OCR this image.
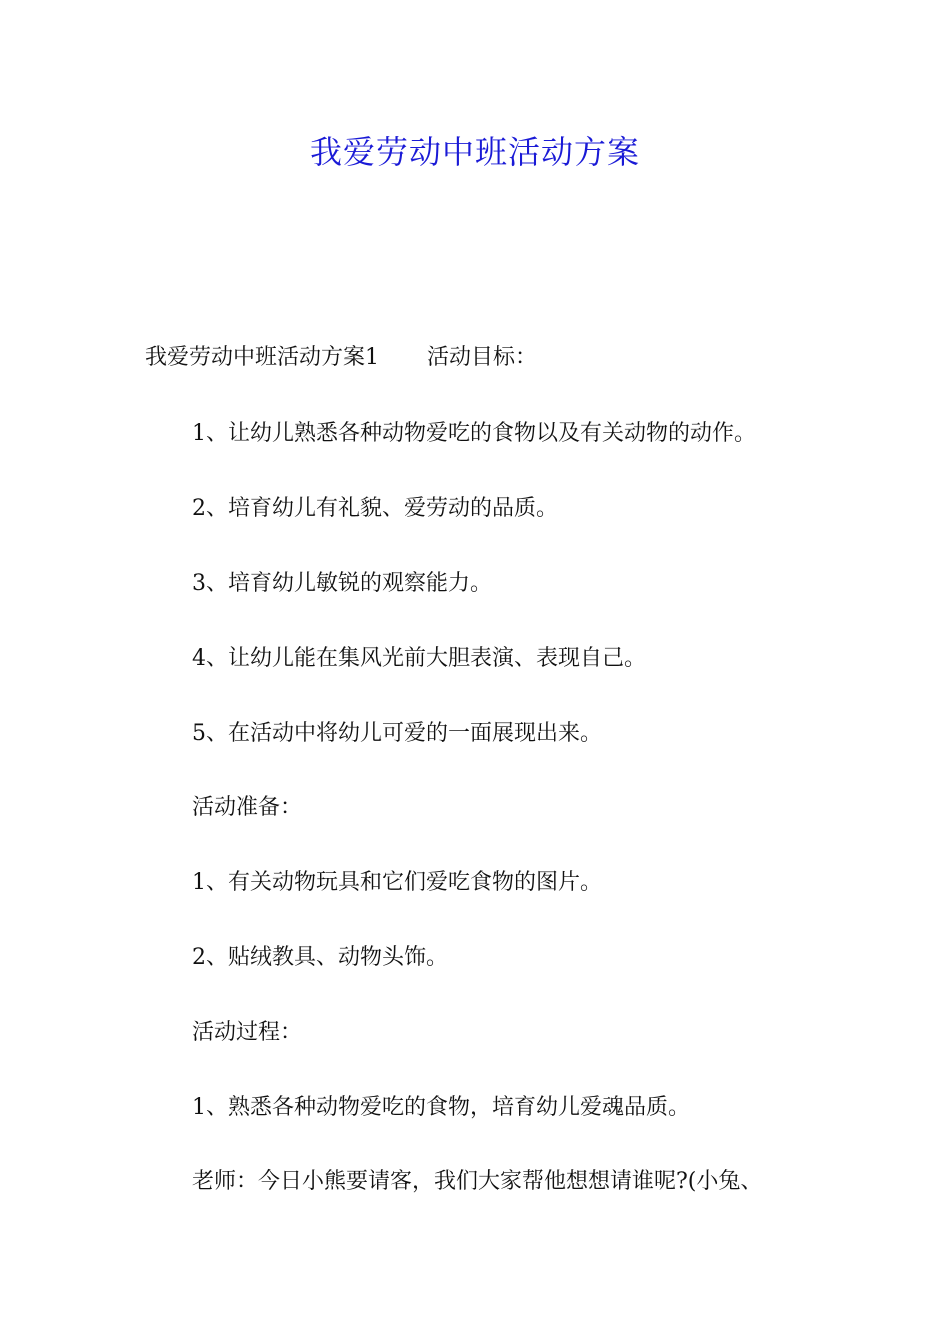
我爱劳动中班活动方案
我爱劳动中班活动方案1 活动目标：
1、让幼儿熟悉各种动物爱吃的食物以及有关动物的动作。
2、培育幼儿有礼貌、爱劳动的品质。
3、培育幼儿敏锐的观察能力。
4、让幼儿能在集风光前大胆表演、表现自己。
5、在活动中将幼儿可爱的一面展现出来。
活动准备：
1、有关动物玩具和它们爱吃食物的图片。
2、贴绒教具、动物头饰。
活动过程：
1、熟悉各种动物爱吃的食物，培育幼儿爱魂品质。
老师：今日小熊要请客，我们大家帮他想想请谁呢?(小兔、
